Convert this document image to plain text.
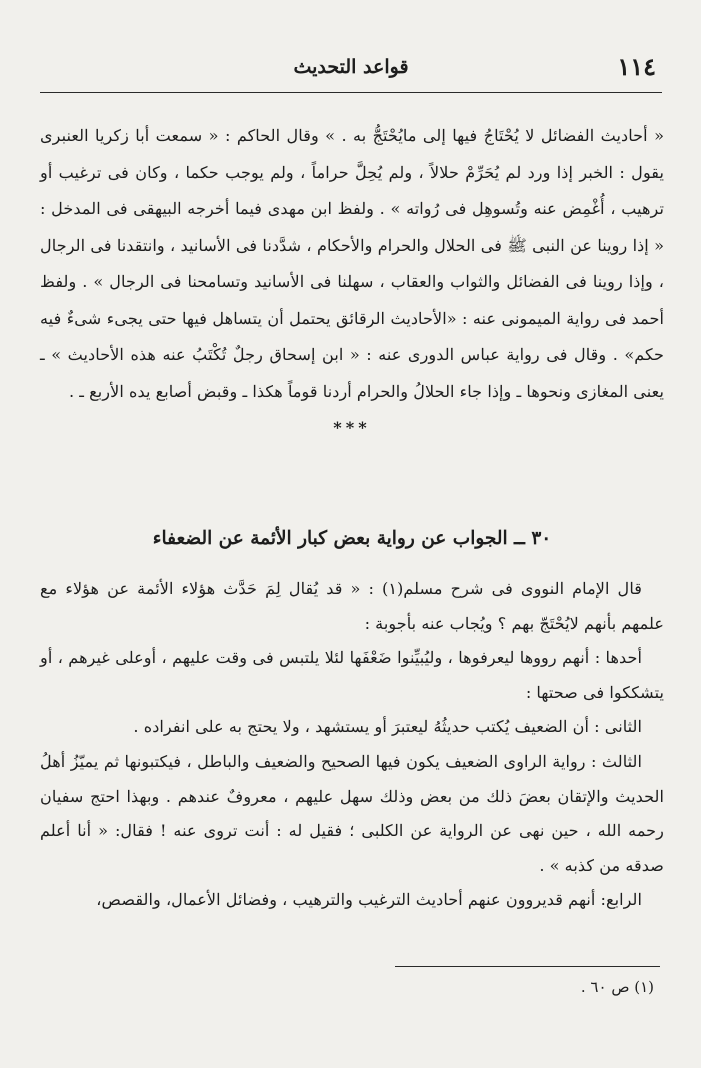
١١٤
قواعد التحديث

« أحاديث الفضائل لا يُحْتَاجُ فيها إلى مايُحْتَجُّ به . » وقال الحاكم : « سمعت أبا زكريا العنبرى يقول : الخبر إذا ورد لم يُحَرِّمْ حلالاً ، ولم يُحِلَّ حراماً ، ولم يوجب حكما ، وكان فى ترغيب أو ترهيب ، أُغْمِض عنه وتُسوهِل فى رُواته » . ولفظ ابن مهدى فيما أخرجه البيهقى فى المدخل : « إذا روينا عن النبى ﷺ فى الحلال والحرام والأحكام ، شدَّدنا فى الأسانيد ، وانتقدنا فى الرجال ، وإذا روينا فى الفضائل والثواب والعقاب ، سهلنا فى الأسانيد وتسامحنا فى الرجال » . ولفظ أحمد فى رواية الميمونى عنه : «الأحاديث الرقائق يحتمل أن يتساهل فيها حتى يجىء شىءٌ فيه حكم» . وقال فى رواية عباس الدورى عنه : « ابن إسحاق رجلٌ تُكْتَبُ عنه هذه الأحاديث » ـ يعنى المغازى ونحوها ـ وإذا جاء الحلالُ والحرام أردنا قوماً هكذا ـ وقبض أصابع يده الأربع ـ .

***

٣٠ ــ الجواب عن رواية بعض كبار الأئمة عن الضعفاء

قال الإمام النووى فى شرح مسلم(١) : « قد يُقال لِمَ حَدَّث هؤلاء الأئمة عن هؤلاء مع علمهم بأنهم لايُحْتَجّ بهم ؟ ويُجاب عنه بأجوبة :

أحدها : أنهم رووها ليعرفوها ، وليُبيِّنوا ضَعْفَها لئلا يلتبس فى وقت عليهم ، أوعلى غيرهم ، أو يتشككوا فى صحتها :

الثانى : أن الضعيف يُكتب حديثُهُ ليعتبرَ أو يستشهد ، ولا يحتج به على انفراده .

الثالث : رواية الراوى الضعيف يكون فيها الصحيح والضعيف والباطل ، فيكتبونها ثم يميّزُ أهلُ الحديث والإتقان بعضَ ذلك من بعض وذلك سهل عليهم ، معروفٌ عندهم . وبهذا احتج سفيان رحمه الله ، حين نهى عن الرواية عن الكلبى ؛ فقيل له : أنت تروى عنه ! فقال: « أنا أعلم صدقه من كذبه » .

الرابع: أنهم قديروون عنهم أحاديث الترغيب والترهيب ، وفضائل الأعمال، والقصص،

(١) ص ٦٠ .
